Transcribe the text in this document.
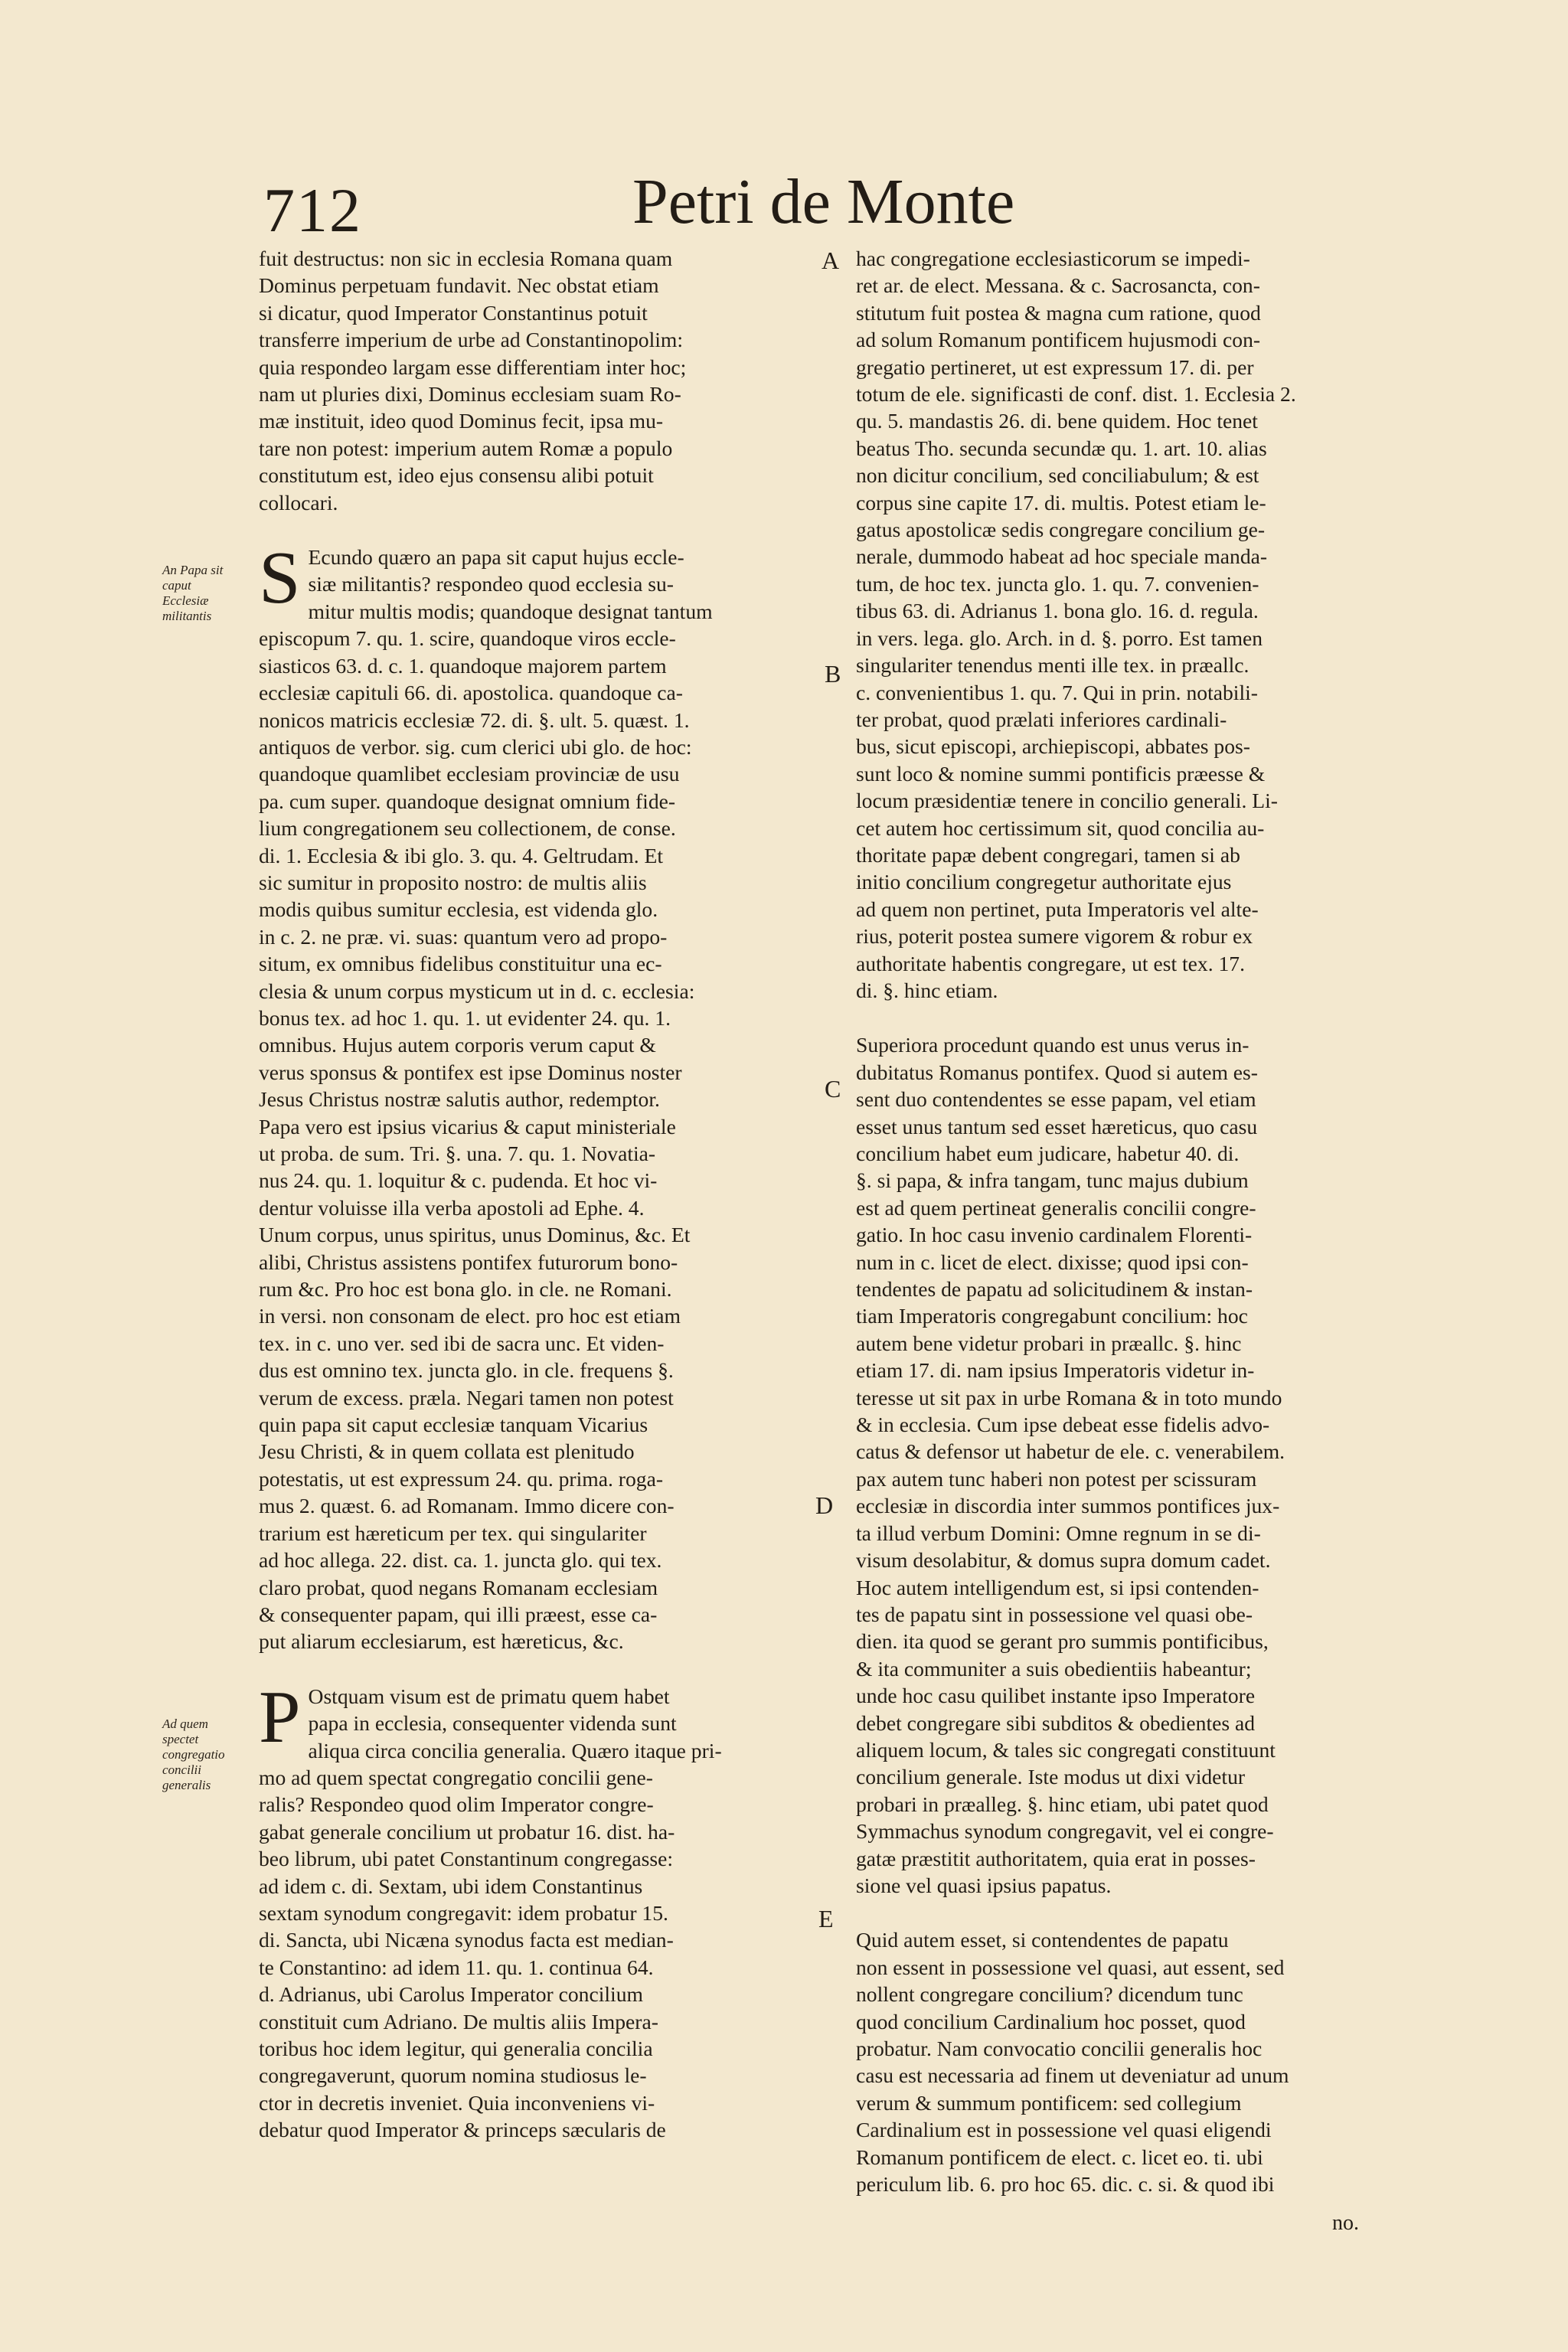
712	Petri de Monte
An Papa sit caput Ecclesiæ militantis
Ad quem spectet congregatio concilii generalis
A
B
C
D
E
fuit destructus: non sic in ecclesia Romana quam
Dominus perpetuam fundavit. Nec obstat etiam
si dicatur, quod Imperator Constantinus potuit
transferre imperium de urbe ad Constantinopolim:
quia respondeo largam esse differentiam inter hoc;
nam ut pluries dixi, Dominus ecclesiam suam Ro-
mæ instituit, ideo quod Dominus fecit, ipsa mu-
tare non potest: imperium autem Romæ a populo
constitutum est, ideo ejus consensu alibi potuit
collocari.
S Ecundo quæro an papa sit caput hujus eccle-
siæ militantis? respondeo quod ecclesia su-
mitur multis modis; quandoque designat tantum
episcopum 7. qu. 1. scire, quandoque viros eccle-
siasticos 63. d. c. 1. quandoque majorem partem
ecclesiæ capituli 66. di. apostolica. quandoque ca-
nonicos matricis ecclesiæ 72. di. §. ult. 5. quæst. 1.
antiquos de verbor. sig. cum clerici ubi glo. de hoc:
quandoque quamlibet ecclesiam provinciæ de usu
pa. cum super. quandoque designat omnium fide-
lium congregationem seu collectionem, de conse.
di. 1. Ecclesia & ibi glo. 3. qu. 4. Geltrudam. Et
sic sumitur in proposito nostro: de multis aliis
modis quibus sumitur ecclesia, est videnda glo.
in c. 2. ne præ. vi. suas: quantum vero ad propo-
situm, ex omnibus fidelibus constituitur una ec-
clesia & unum corpus mysticum ut in d. c. ecclesia:
bonus tex. ad hoc 1. qu. 1. ut evidenter 24. qu. 1.
omnibus. Hujus autem corporis verum caput &
verus sponsus & pontifex est ipse Dominus noster
Jesus Christus nostræ salutis author, redemptor.
Papa vero est ipsius vicarius & caput ministeriale
ut proba. de sum. Tri. §. una. 7. qu. 1. Novatia-
nus 24. qu. 1. loquitur & c. pudenda. Et hoc vi-
dentur voluisse illa verba apostoli ad Ephe. 4.
Unum corpus, unus spiritus, unus Dominus, &c. Et
alibi, Christus assistens pontifex futurorum bono-
rum &c. Pro hoc est bona glo. in cle. ne Romani.
in versi. non consonam de elect. pro hoc est etiam
tex. in c. uno ver. sed ibi de sacra unc. Et viden-
dus est omnino tex. juncta glo. in cle. frequens §.
verum de excess. præla. Negari tamen non potest
quin papa sit caput ecclesiæ tanquam Vicarius
Jesu Christi, & in quem collata est plenitudo
potestatis, ut est expressum 24. qu. prima. roga-
mus 2. quæst. 6. ad Romanam. Immo dicere con-
trarium est hæreticum per tex. qui singulariter
ad hoc allega. 22. dist. ca. 1. juncta glo. qui tex.
claro probat, quod negans Romanam ecclesiam
& consequenter papam, qui illi præest, esse ca-
put aliarum ecclesiarum, est hæreticus, &c.
P Ostquam visum est de primatu quem habet
papa in ecclesia, consequenter videnda sunt
aliqua circa concilia generalia. Quæro itaque pri-
mo ad quem spectat congregatio concilii gene-
ralis? Respondeo quod olim Imperator congre-
gabat generale concilium ut probatur 16. dist. ha-
beo librum, ubi patet Constantinum congregasse:
ad idem c. di. Sextam, ubi idem Constantinus
sextam synodum congregavit: idem probatur 15.
di. Sancta, ubi Nicæna synodus facta est median-
te Constantino: ad idem 11. qu. 1. continua 64.
d. Adrianus, ubi Carolus Imperator concilium
constituit cum Adriano. De multis aliis Impera-
toribus hoc idem legitur, qui generalia concilia
congregaverunt, quorum nomina studiosus le-
ctor in decretis inveniet. Quia inconveniens vi-
debatur quod Imperator & princeps sæcularis de
hac congregatione ecclesiasticorum se impedi-
ret ar. de elect. Messana. & c. Sacrosancta, con-
stitutum fuit postea & magna cum ratione, quod
ad solum Romanum pontificem hujusmodi con-
gregatio pertineret, ut est expressum 17. di. per
totum de ele. significasti de conf. dist. 1. Ecclesia 2.
qu. 5. mandastis 26. di. bene quidem. Hoc tenet
beatus Tho. secunda secundæ qu. 1. art. 10. alias
non dicitur concilium, sed conciliabulum; & est
corpus sine capite 17. di. multis. Potest etiam le-
gatus apostolicæ sedis congregare concilium ge-
nerale, dummodo habeat ad hoc speciale manda-
tum, de hoc tex. juncta glo. 1. qu. 7. convenien-
tibus 63. di. Adrianus 1. bona glo. 16. d. regula.
in vers. lega. glo. Arch. in d. §. porro. Est tamen
singulariter tenendus menti ille tex. in præallc.
c. convenientibus 1. qu. 7. Qui in prin. notabili-
ter probat, quod prælati inferiores cardinali-
bus, sicut episcopi, archiepiscopi, abbates pos-
sunt loco & nomine summi pontificis præesse &
locum præsidentiæ tenere in concilio generali. Li-
cet autem hoc certissimum sit, quod concilia au-
thoritate papæ debent congregari, tamen si ab
initio concilium congregetur authoritate ejus
ad quem non pertinet, puta Imperatoris vel alte-
rius, poterit postea sumere vigorem & robur ex
authoritate habentis congregare, ut est tex. 17.
di. §. hinc etiam.
Superiora procedunt quando est unus verus in-
dubitatus Romanus pontifex. Quod si autem es-
sent duo contendentes se esse papam, vel etiam
esset unus tantum sed esset hæreticus, quo casu
concilium habet eum judicare, habetur 40. di.
§. si papa, & infra tangam, tunc majus dubium
est ad quem pertineat generalis concilii congre-
gatio. In hoc casu invenio cardinalem Florenti-
num in c. licet de elect. dixisse; quod ipsi con-
tendentes de papatu ad solicitudinem & instan-
tiam Imperatoris congregabunt concilium: hoc
autem bene videtur probari in præallc. §. hinc
etiam 17. di. nam ipsius Imperatoris videtur in-
teresse ut sit pax in urbe Romana & in toto mundo
& in ecclesia. Cum ipse debeat esse fidelis advo-
catus & defensor ut habetur de ele. c. venerabilem.
pax autem tunc haberi non potest per scissuram
ecclesiæ in discordia inter summos pontifices jux-
ta illud verbum Domini: Omne regnum in se di-
visum desolabitur, & domus supra domum cadet.
Hoc autem intelligendum est, si ipsi contenden-
tes de papatu sint in possessione vel quasi obe-
dien. ita quod se gerant pro summis pontificibus,
& ita communiter a suis obedientiis habeantur;
unde hoc casu quilibet instante ipso Imperatore
debet congregare sibi subditos & obedientes ad
aliquem locum, & tales sic congregati constituunt
concilium generale. Iste modus ut dixi videtur
probari in præalleg. §. hinc etiam, ubi patet quod
Symmachus synodum congregavit, vel ei congre-
gatæ præstitit authoritatem, quia erat in posses-
sione vel quasi ipsius papatus.
Quid autem esset, si contendentes de papatu
non essent in possessione vel quasi, aut essent, sed
nollent congregare concilium? dicendum tunc
quod concilium Cardinalium hoc posset, quod
probatur. Nam convocatio concilii generalis hoc
casu est necessaria ad finem ut deveniatur ad unum
verum & summum pontificem: sed collegium
Cardinalium est in possessione vel quasi eligendi
Romanum pontificem de elect. c. licet eo. ti. ubi
periculum lib. 6. pro hoc 65. dic. c. si. & quod ibi
no.
